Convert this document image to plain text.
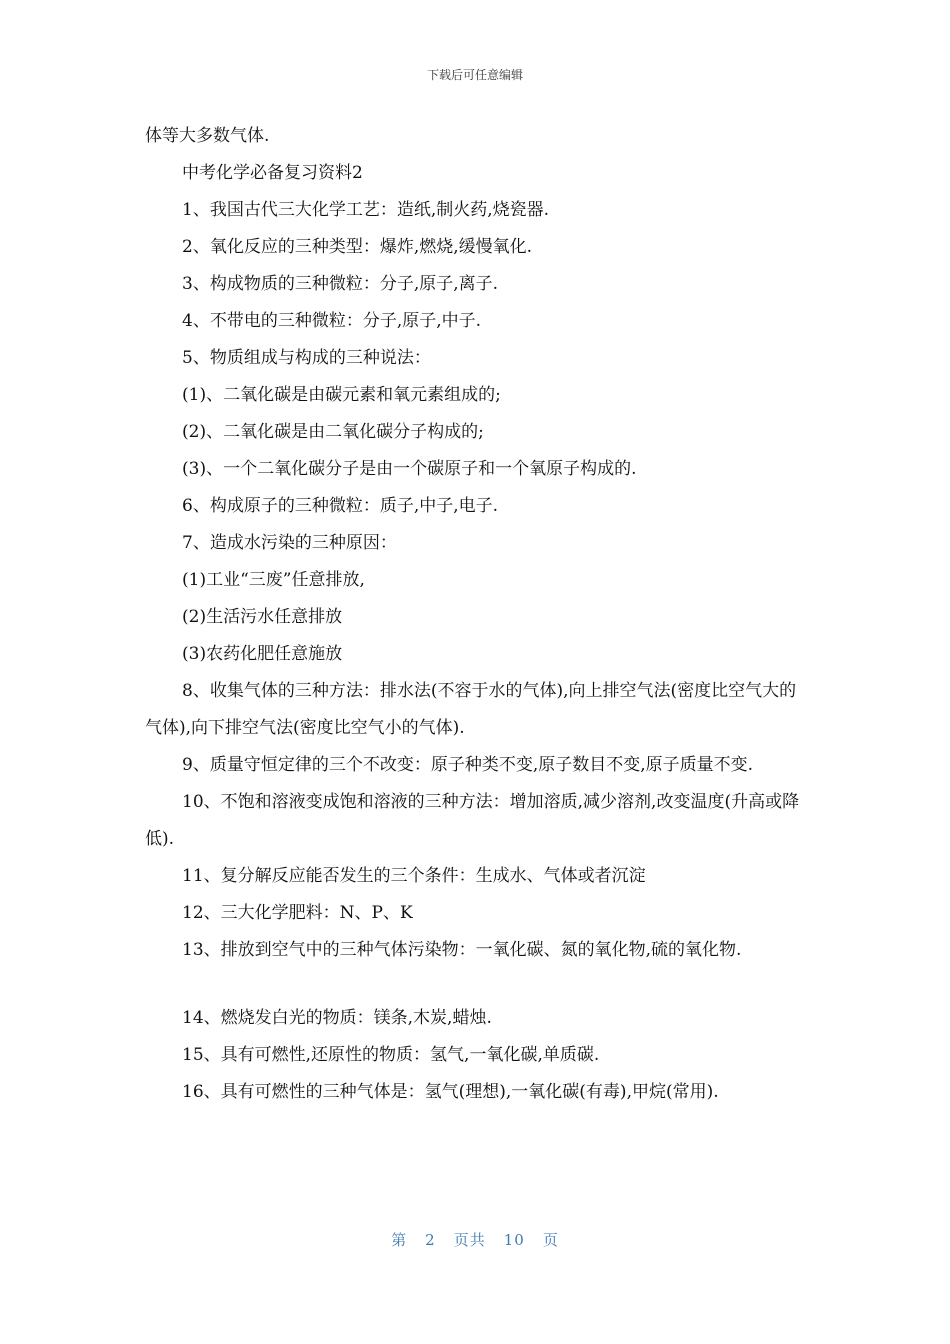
下载后可任意编辑

体等大多数气体.

中考化学必备复习资料2

1、我国古代三大化学工艺：造纸,制火药,烧瓷器.

2、氧化反应的三种类型：爆炸,燃烧,缓慢氧化.

3、构成物质的三种微粒：分子,原子,离子.

4、不带电的三种微粒：分子,原子,中子.

5、物质组成与构成的三种说法：

(1)、二氧化碳是由碳元素和氧元素组成的;

(2)、二氧化碳是由二氧化碳分子构成的;

(3)、一个二氧化碳分子是由一个碳原子和一个氧原子构成的.

6、构成原子的三种微粒：质子,中子,电子.

7、造成水污染的三种原因：

(1)工业“三废”任意排放,

(2)生活污水任意排放

(3)农药化肥任意施放

8、收集气体的三种方法：排水法(不容于水的气体),向上排空气法(密度比空气大的气体),向下排空气法(密度比空气小的气体).

9、质量守恒定律的三个不改变：原子种类不变,原子数目不变,原子质量不变.

10、不饱和溶液变成饱和溶液的三种方法：增加溶质,减少溶剂,改变温度(升高或降低).

11、复分解反应能否发生的三个条件：生成水、气体或者沉淀

12、三大化学肥料：N、P、K

13、排放到空气中的三种气体污染物：一氧化碳、氮的氧化物,硫的氧化物.

14、燃烧发白光的物质：镁条,木炭,蜡烛.

15、具有可燃性,还原性的物质：氢气,一氧化碳,单质碳.

16、具有可燃性的三种气体是：氢气(理想),一氧化碳(有毒),甲烷(常用).

第 2 页共 10 页
